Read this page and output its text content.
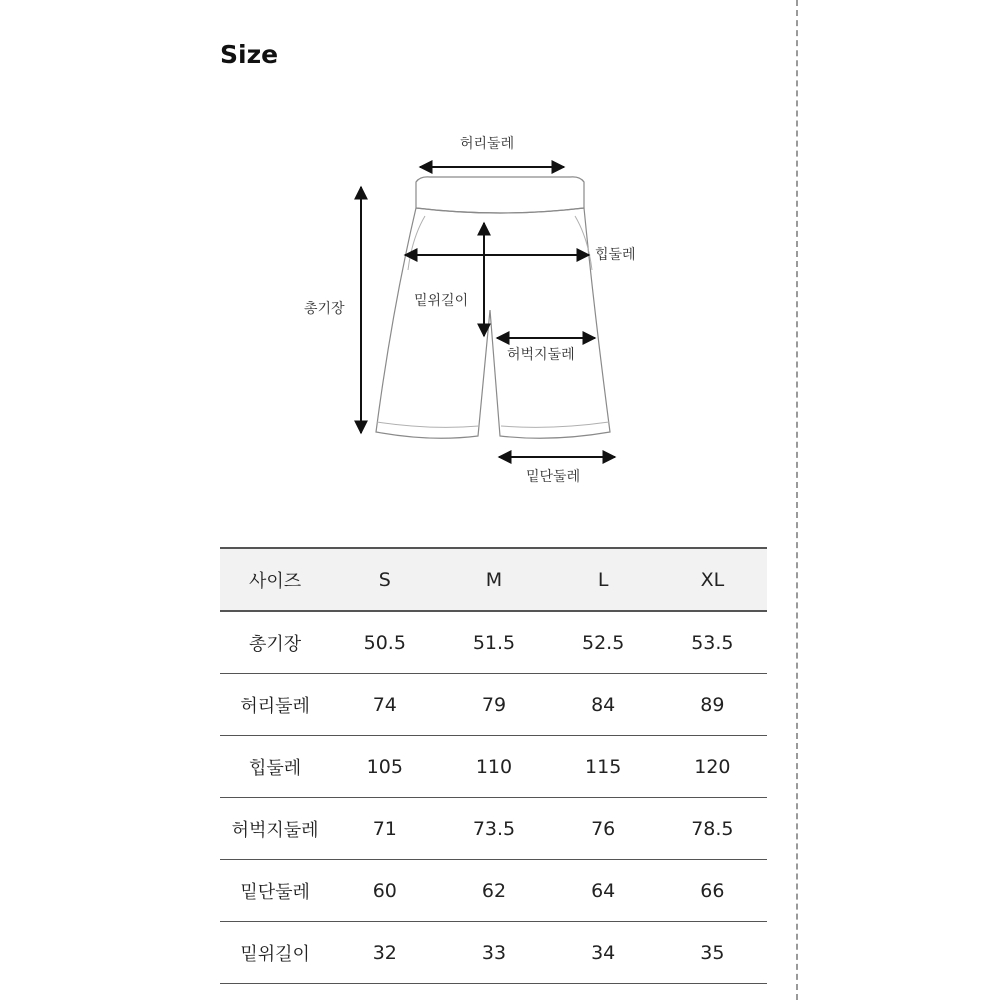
Size
허리둘레
힙둘레
총기장	밑위길이
허벅지둘레
밑단둘레
사이즈	S	M	L	XL
총기장	50.5	51.5	52.5	53.5
허리둘레	74	79	84	89
힙둘레	105	110	115	120
허벅지둘레	71	73.5	76	78.5
밑단둘레	60	62	64	66
밑위길이	32	33	34	35
